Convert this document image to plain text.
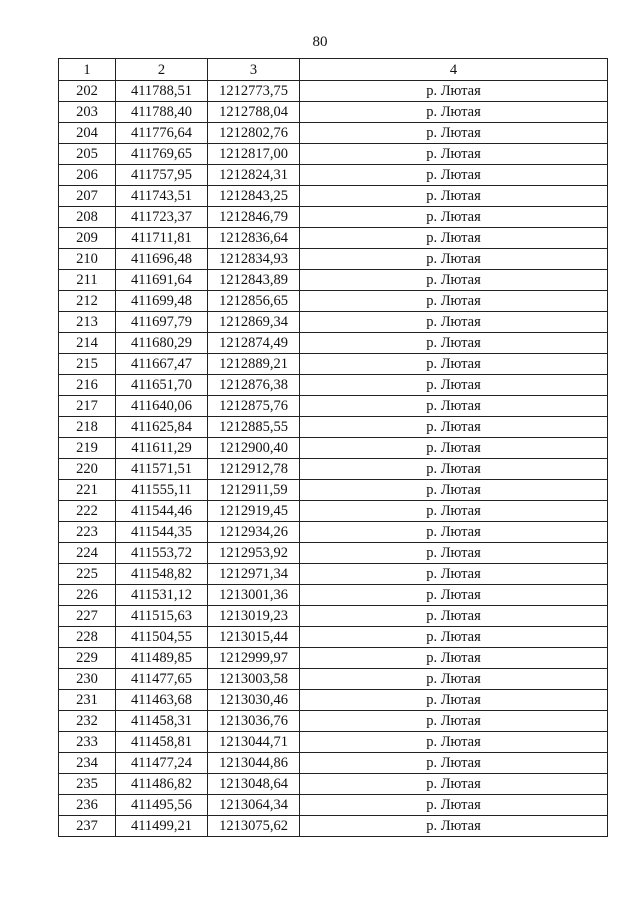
80
1	2	3	4
202	411788,51	1212773,75	р. Лютая
203	411788,40	1212788,04	р. Лютая
204	411776,64	1212802,76	р. Лютая
205	411769,65	1212817,00	р. Лютая
206	411757,95	1212824,31	р. Лютая
207	411743,51	1212843,25	р. Лютая
208	411723,37	1212846,79	р. Лютая
209	411711,81	1212836,64	р. Лютая
210	411696,48	1212834,93	р. Лютая
211	411691,64	1212843,89	р. Лютая
212	411699,48	1212856,65	р. Лютая
213	411697,79	1212869,34	р. Лютая
214	411680,29	1212874,49	р. Лютая
215	411667,47	1212889,21	р. Лютая
216	411651,70	1212876,38	р. Лютая
217	411640,06	1212875,76	р. Лютая
218	411625,84	1212885,55	р. Лютая
219	411611,29	1212900,40	р. Лютая
220	411571,51	1212912,78	р. Лютая
221	411555,11	1212911,59	р. Лютая
222	411544,46	1212919,45	р. Лютая
223	411544,35	1212934,26	р. Лютая
224	411553,72	1212953,92	р. Лютая
225	411548,82	1212971,34	р. Лютая
226	411531,12	1213001,36	р. Лютая
227	411515,63	1213019,23	р. Лютая
228	411504,55	1213015,44	р. Лютая
229	411489,85	1212999,97	р. Лютая
230	411477,65	1213003,58	р. Лютая
231	411463,68	1213030,46	р. Лютая
232	411458,31	1213036,76	р. Лютая
233	411458,81	1213044,71	р. Лютая
234	411477,24	1213044,86	р. Лютая
235	411486,82	1213048,64	р. Лютая
236	411495,56	1213064,34	р. Лютая
237	411499,21	1213075,62	р. Лютая
